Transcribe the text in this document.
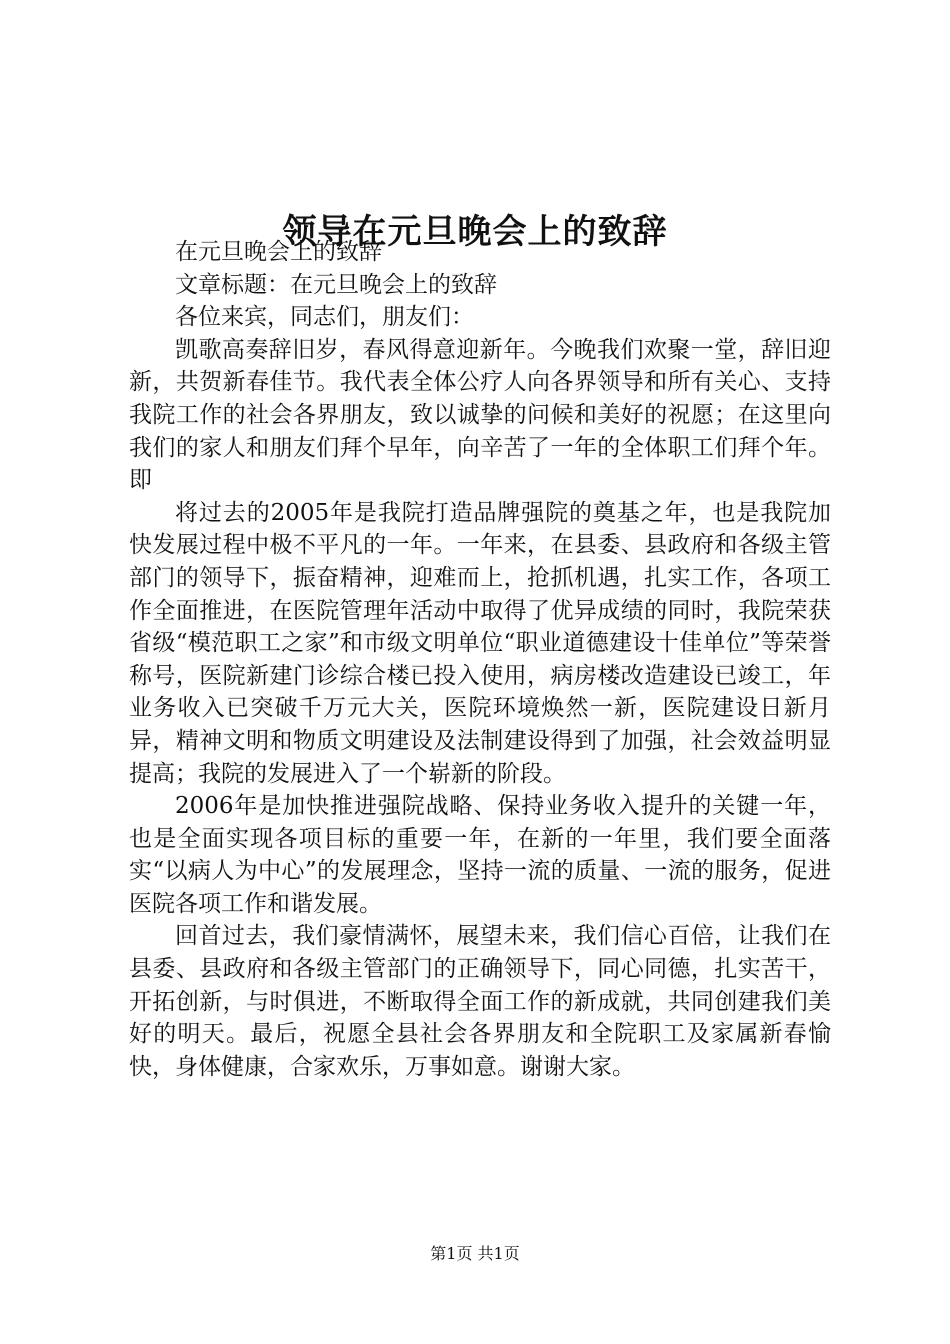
领导在元旦晚会上的致辞

在元旦晚会上的致辞

文章标题：在元旦晚会上的致辞

各位来宾，同志们，朋友们：

凯歌高奏辞旧岁，春风得意迎新年。今晚我们欢聚一堂，辞旧迎新，共贺新春佳节。我代表全体公疗人向各界领导和所有关心、支持我院工作的社会各界朋友，致以诚挚的问候和美好的祝愿；在这里向我们的家人和朋友们拜个早年，向辛苦了一年的全体职工们拜个年。即

将过去的2005年是我院打造品牌强院的奠基之年，也是我院加快发展过程中极不平凡的一年。一年来，在县委、县政府和各级主管部门的领导下，振奋精神，迎难而上，抢抓机遇，扎实工作，各项工作全面推进，在医院管理年活动中取得了优异成绩的同时，我院荣获省级“模范职工之家”和市级文明单位“职业道德建设十佳单位”等荣誉称号，医院新建门诊综合楼已投入使用，病房楼改造建设已竣工，年业务收入已突破千万元大关，医院环境焕然一新，医院建设日新月异，精神文明和物质文明建设及法制建设得到了加强，社会效益明显提高；我院的发展进入了一个崭新的阶段。

2006年是加快推进强院战略、保持业务收入提升的关键一年，也是全面实现各项目标的重要一年，在新的一年里，我们要全面落实“以病人为中心”的发展理念，坚持一流的质量、一流的服务，促进医院各项工作和谐发展。

回首过去，我们豪情满怀，展望未来，我们信心百倍，让我们在县委、县政府和各级主管部门的正确领导下，同心同德，扎实苦干，开拓创新，与时俱进，不断取得全面工作的新成就，共同创建我们美好的明天。最后，祝愿全县社会各界朋友和全院职工及家属新春愉快，身体健康，合家欢乐，万事如意。谢谢大家。

第1页 共1页
